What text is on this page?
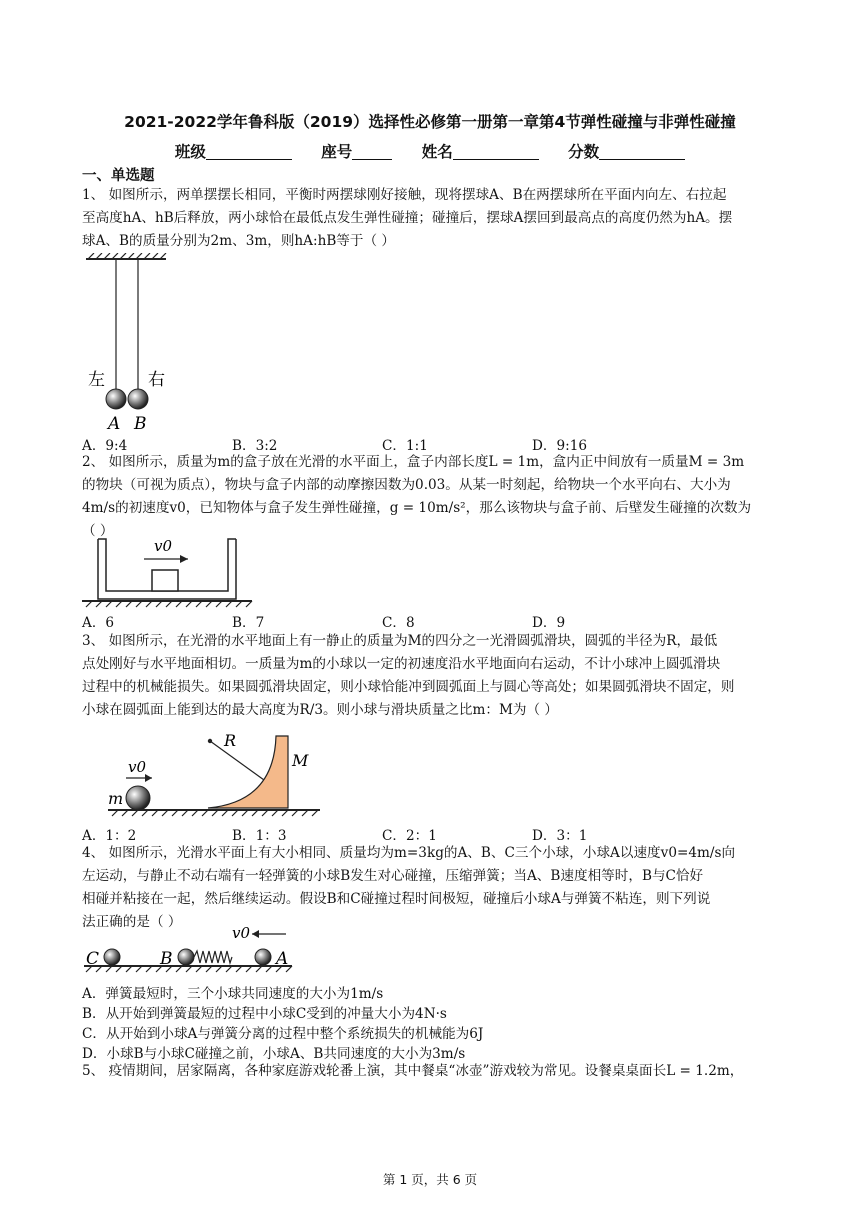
2021-2022学年鲁科版（2019）选择性必修第一册第一章第4节弹性碰撞与非弹性碰撞
班级	座号	姓名	分数
一、单选题
1、 如图所示，两单摆摆长相同，平衡时两摆球刚好接触，现将摆球A、B在两摆球所在平面内向左、右拉起
至高度hA、hB后释放，两小球恰在最低点发生弹性碰撞；碰撞后，摆球A摆回到最高点的高度仍然为hA。摆
球A、B的质量分别为2m、3m，则hA:hB等于（ ）
左	右
A B
A．9:4	B．3:2	C．1:1	D．9:16
2、 如图所示，质量为m的盒子放在光滑的水平面上，盒子内部长度L = 1m，盒内正中间放有一质量M = 3m
的物块（可视为质点），物块与盒子内部的动摩擦因数为0.03。从某一时刻起，给物块一个水平向右、大小为
4m/s的初速度v0，已知物体与盒子发生弹性碰撞，g = 10m/s²，那么该物块与盒子前、后壁发生碰撞的次数为
（ ）
v0
A．6	B．7	C．8	D．9
3、 如图所示，在光滑的水平地面上有一静止的质量为M的四分之一光滑圆弧滑块，圆弧的半径为R，最低
点处刚好与水平地面相切。一质量为m的小球以一定的初速度沿水平地面向右运动，不计小球冲上圆弧滑块
过程中的机械能损失。如果圆弧滑块固定，则小球恰能冲到圆弧面上与圆心等高处；如果圆弧滑块不固定，则
小球在圆弧面上能到达的最大高度为R/3。则小球与滑块质量之比m：M为（ ）
R
M
v0
m
A．1：2	B．1：3	C．2：1	D．3：1
4、 如图所示，光滑水平面上有大小相同、质量均为m=3kg的A、B、C三个小球，小球A以速度v0=4m/s向
左运动，与静止不动右端有一轻弹簧的小球B发生对心碰撞，压缩弹簧；当A、B速度相等时，B与C恰好
相碰并粘接在一起，然后继续运动。假设B和C碰撞过程时间极短，碰撞后小球A与弹簧不粘连，则下列说
法正确的是（ ）
v0
C	B	A
A．弹簧最短时，三个小球共同速度的大小为1m/s
B．从开始到弹簧最短的过程中小球C受到的冲量大小为4N·s
C．从开始到小球A与弹簧分离的过程中整个系统损失的机械能为6J
D．小球B与小球C碰撞之前，小球A、B共同速度的大小为3m/s
5、 疫情期间，居家隔离，各种家庭游戏轮番上演，其中餐桌“冰壶”游戏较为常见。设餐桌桌面长L = 1.2m，
第 1 页，共 6 页
